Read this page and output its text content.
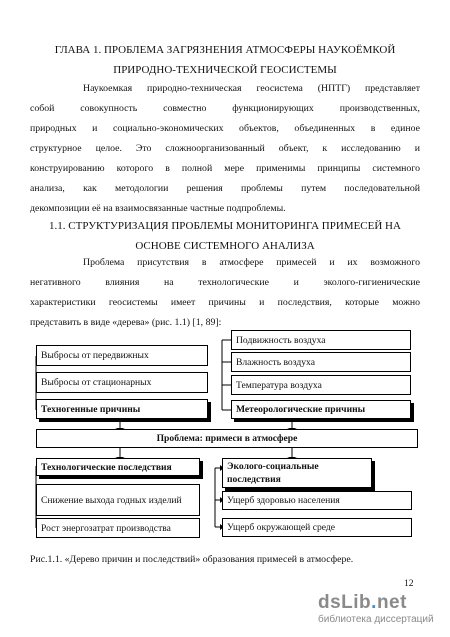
ГЛАВА 1. ПРОБЛЕМА ЗАГРЯЗНЕНИЯ АТМОСФЕРЫ НАУКОЁМКОЙ
ПРИРОДНО-ТЕХНИЧЕСКОЙ ГЕОСИСТЕМЫ
Наукоемкая природно-техническая геосистема (НПТГ) представляет
собой совокупность совместно функционирующих производственных,
природных и социально-экономических объектов, объединенных в единое
структурное целое. Это сложноорганизованный объект, к исследованию и
конструированию которого в полной мере применимы принципы системного
анализа, как методологии решения проблемы путем последовательной
декомпозиции её на взаимосвязанные частные подпроблемы.
1.1. СТРУКТУРИЗАЦИЯ ПРОБЛЕМЫ МОНИТОРИНГА ПРИМЕСЕЙ НА
ОСНОВЕ СИСТЕМНОГО АНАЛИЗА
Проблема присутствия в атмосфере примесей и их возможного
негативного влияния на технологические и эколого-гигиенические
характеристики геосистемы имеет причины и последствия, которые можно
представить в виде «дерева» (рис. 1.1) [1, 89]:
Выбросы от передвижных
Выбросы от стационарных
Техногенные причины
Подвижность воздуха
Влажность воздуха
Температура воздуха
Метеорологические причины
Проблема: примеси в атмосфере
Технологические последствия
Снижение выхода годных изделий
Рост энергозатрат производства
Эколого-социальные последствия
Ущерб здоровью населения
Ущерб окружающей среде
Рис.1.1. «Дерево причин и последствий» образования примесей в атмосфере.
12
dsLib.net
библиотека диссертаций
